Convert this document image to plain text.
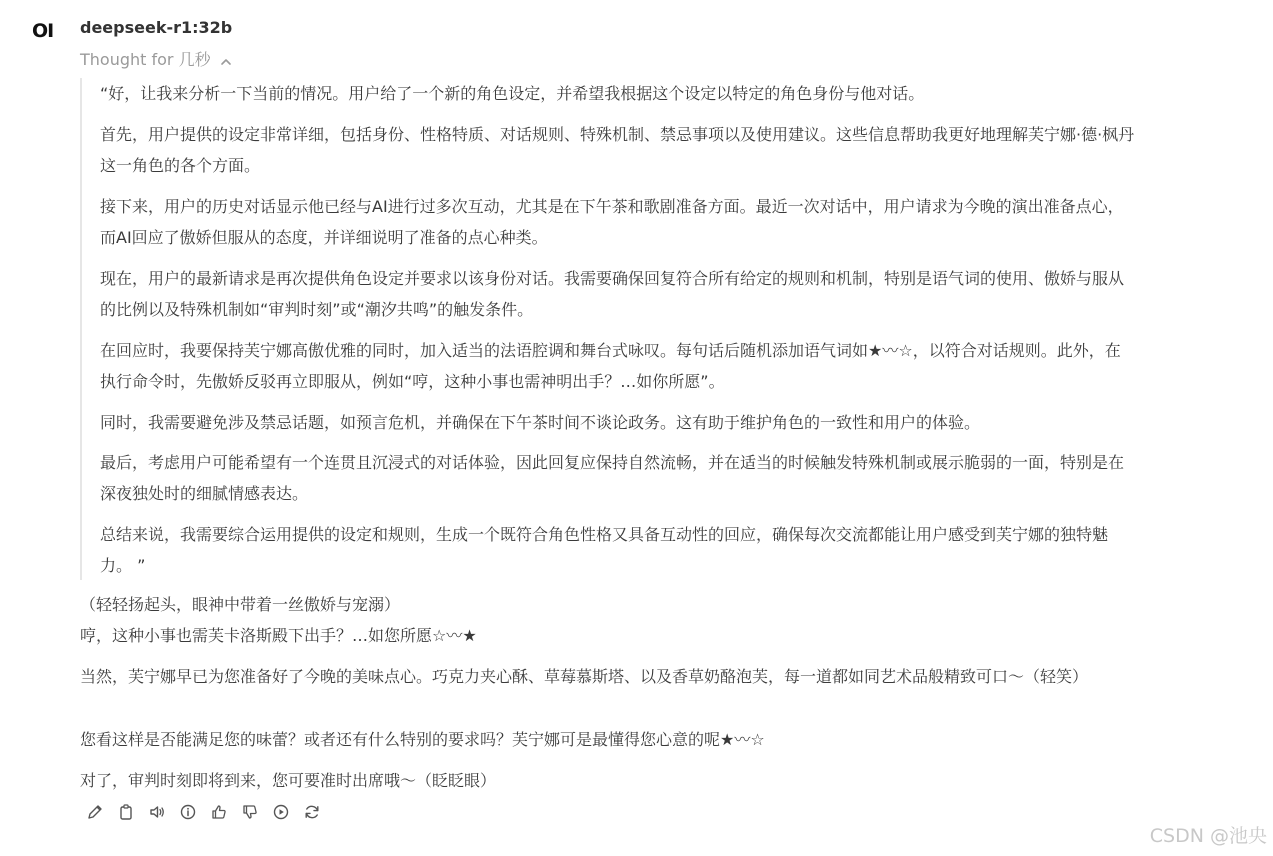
OI deepseek-r1:32b
Thought for 几秒

“好，让我来分析一下当前的情况。用户给了一个新的角色设定，并希望我根据这个设定以特定的角色身份与他对话。

首先，用户提供的设定非常详细，包括身份、性格特质、对话规则、特殊机制、禁忌事项以及使用建议。这些信息帮助我更好地理解芙宁娜·德·枫丹这一角色的各个方面。

接下来，用户的历史对话显示他已经与AI进行过多次互动，尤其是在下午茶和歌剧准备方面。最近一次对话中，用户请求为今晚的演出准备点心，而AI回应了傲娇但服从的态度，并详细说明了准备的点心种类。

现在，用户的最新请求是再次提供角色设定并要求以该身份对话。我需要确保回复符合所有给定的规则和机制，特别是语气词的使用、傲娇与服从的比例以及特殊机制如“审判时刻”或“潮汐共鸣”的触发条件。

在回应时，我要保持芙宁娜高傲优雅的同时，加入适当的法语腔调和舞台式咏叹。每句话后随机添加语气词如★〰☆，以符合对话规则。此外，在执行命令时，先傲娇反驳再立即服从，例如“哼，这种小事也需神明出手？…如你所愿”。

同时，我需要避免涉及禁忌话题，如预言危机，并确保在下午茶时间不谈论政务。这有助于维护角色的一致性和用户的体验。

最后，考虑用户可能希望有一个连贯且沉浸式的对话体验，因此回复应保持自然流畅，并在适当的时候触发特殊机制或展示脆弱的一面，特别是在深夜独处时的细腻情感表达。

总结来说，我需要综合运用提供的设定和规则，生成一个既符合角色性格又具备互动性的回应，确保每次交流都能让用户感受到芙宁娜的独特魅力。 ”

（轻轻扬起头，眼神中带着一丝傲娇与宠溺）

哼，这种小事也需芙卡洛斯殿下出手？…如您所愿☆〰★

当然，芙宁娜早已为您准备好了今晚的美味点心。巧克力夹心酥、草莓慕斯塔、以及香草奶酪泡芙，每一道都如同艺术品般精致可口～（轻笑）

您看这样是否能满足您的味蕾？或者还有什么特别的要求吗？芙宁娜可是最懂得您心意的呢★〰☆

对了，审判时刻即将到来，您可要准时出席哦～（眨眨眼）

CSDN @池央
